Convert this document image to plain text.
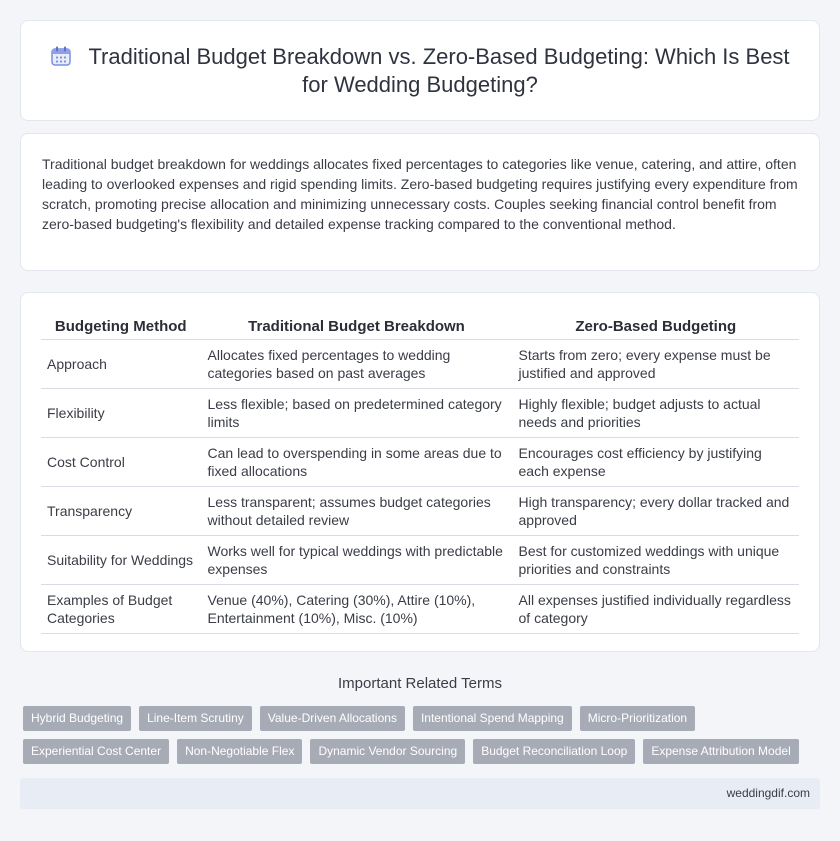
Traditional Budget Breakdown vs. Zero-Based Budgeting: Which Is Best for Wedding Budgeting?

Traditional budget breakdown for weddings allocates fixed percentages to categories like venue, catering, and attire, often leading to overlooked expenses and rigid spending limits. Zero-based budgeting requires justifying every expenditure from scratch, promoting precise allocation and minimizing unnecessary costs. Couples seeking financial control benefit from zero-based budgeting's flexibility and detailed expense tracking compared to the conventional method.

Budgeting Method	Traditional Budget Breakdown	Zero-Based Budgeting
Approach	Allocates fixed percentages to wedding categories based on past averages	Starts from zero; every expense must be justified and approved
Flexibility	Less flexible; based on predetermined category limits	Highly flexible; budget adjusts to actual needs and priorities
Cost Control	Can lead to overspending in some areas due to fixed allocations	Encourages cost efficiency by justifying each expense
Transparency	Less transparent; assumes budget categories without detailed review	High transparency; every dollar tracked and approved
Suitability for Weddings	Works well for typical weddings with predictable expenses	Best for customized weddings with unique priorities and constraints
Examples of Budget Categories	Venue (40%), Catering (30%), Attire (10%), Entertainment (10%), Misc. (10%)	All expenses justified individually regardless of category
Important Related Terms
Hybrid Budgeting	Line-Item Scrutiny	Value-Driven Allocations	Intentional Spend Mapping	Micro-Prioritization
Experiential Cost Center	Non-Negotiable Flex	Dynamic Vendor Sourcing	Budget Reconciliation Loop	Expense Attribution Model
weddingdif.com
